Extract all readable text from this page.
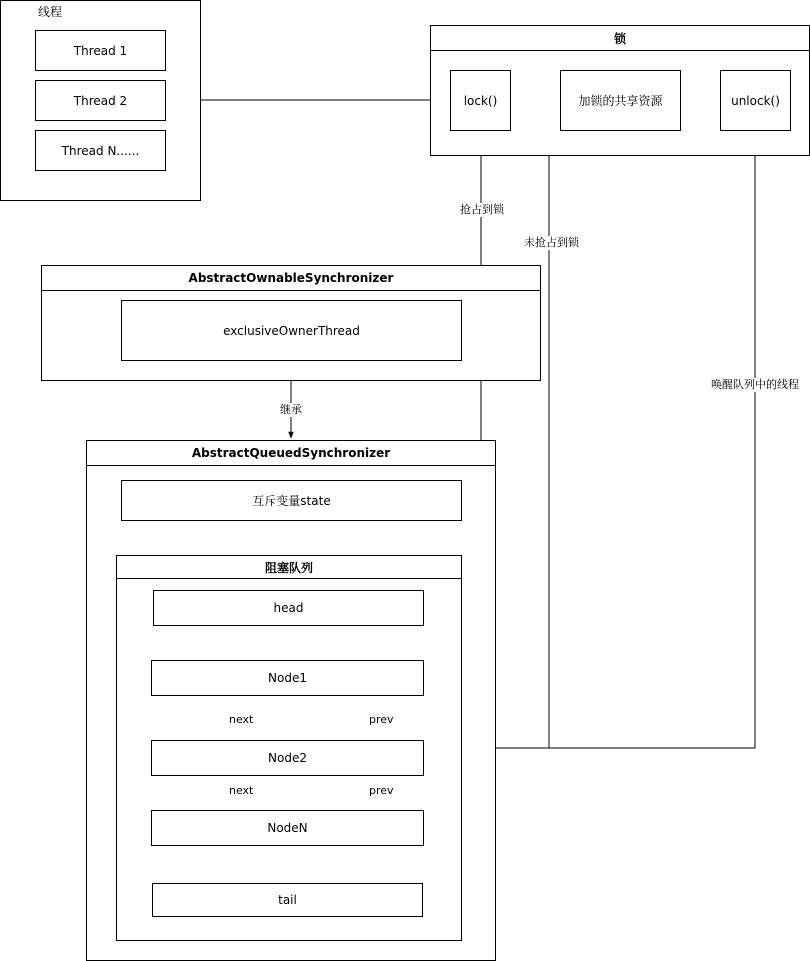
线程
Thread 1
Thread 2
Thread N......
锁
lock()	加锁的共享资源	unlock()
AbstractOwnableSynchronizer
exclusiveOwnerThread
AbstractQueuedSynchronizer
互斥变量state
阻塞队列
head
Node1
Node2
NodeN
tail
抢占到锁
未抢占到锁
继承
唤醒队列中的线程
next	prev
next	prev
